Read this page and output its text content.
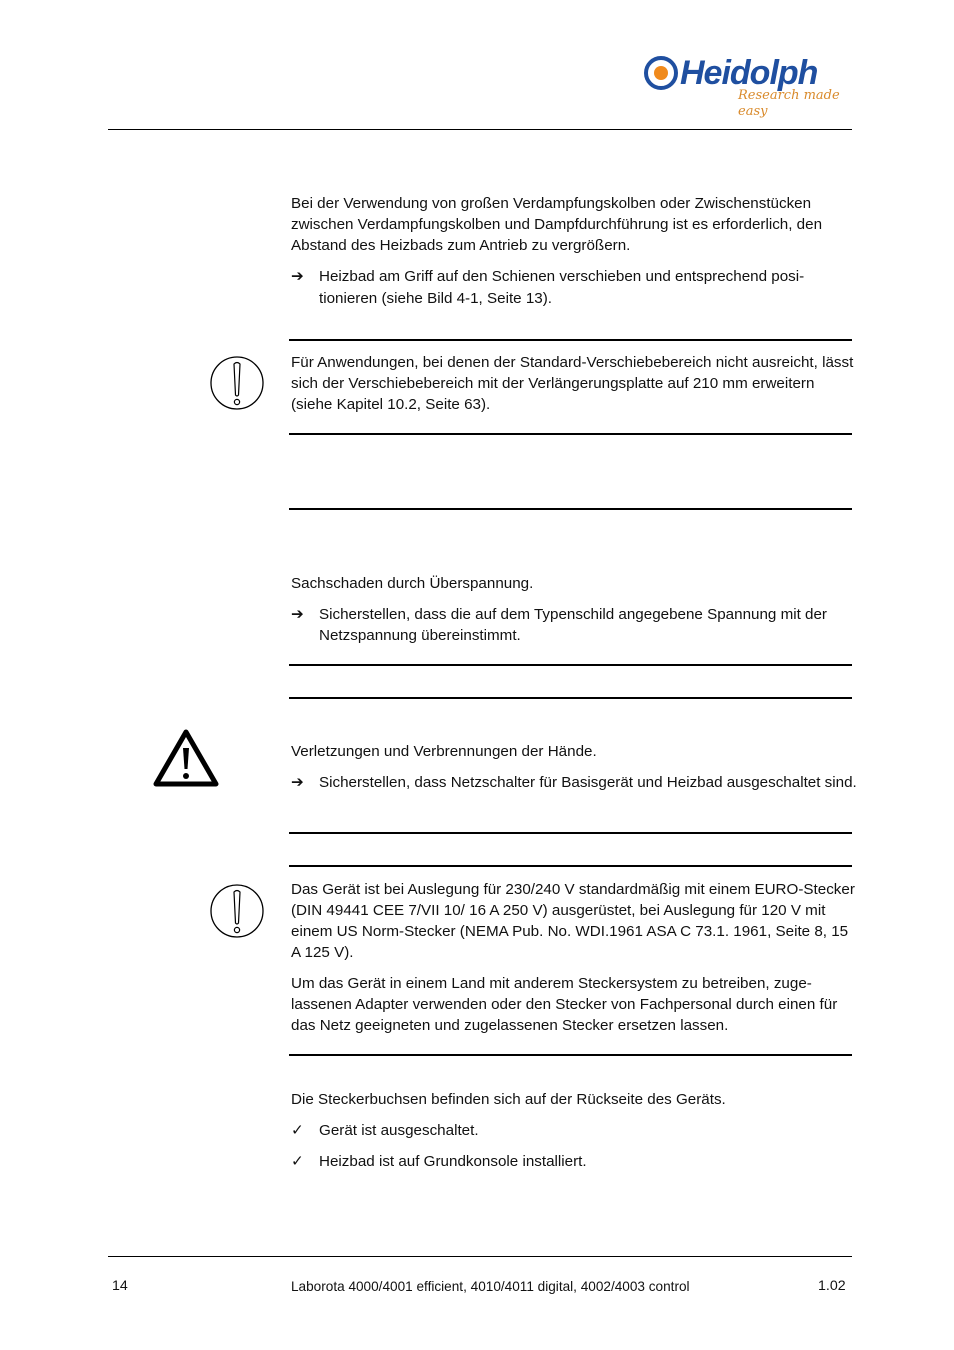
Heidolph
Research made easy

Bei der Verwendung von großen Verdampfungskolben oder Zwischenstücken zwischen Verdampfungskolben und Dampfdurchführung ist es erforderlich, den Abstand des Heizbads zum Antrieb zu vergrößern.

➔	Heizbad am Griff auf den Schienen verschieben und entsprechend posi-
tionieren (siehe Bild 4-1, Seite 13).

Für Anwendungen, bei denen der Standard-Verschiebebereich nicht ausreicht, lässt sich der Verschiebebereich mit der Verlängerungsplatte auf 210 mm erweitern (siehe Kapitel 10.2, Seite 63).

Sachschaden durch Überspannung.

➔	Sicherstellen, dass die auf dem Typenschild angegebene Spannung mit der Netzspannung übereinstimmt.

Verletzungen und Verbrennungen der Hände.

➔	Sicherstellen, dass Netzschalter für Basisgerät und Heizbad ausgeschaltet sind.

Das Gerät ist bei Auslegung für 230/240 V standardmäßig mit einem EURO-Stecker (DIN 49441 CEE 7/VII 10/ 16 A 250 V) ausgerüstet, bei Auslegung für 120 V mit einem US Norm-Stecker (NEMA Pub. No. WDI.1961 ASA C 73.1. 1961, Seite 8, 15 A 125 V).

Um das Gerät in einem Land mit anderem Steckersystem zu betreiben, zuge-lassenen Adapter verwenden oder den Stecker von Fachpersonal durch einen für das Netz geeigneten und zugelassenen Stecker ersetzen lassen.

Die Steckerbuchsen befinden sich auf der Rückseite des Geräts.

✓	Gerät ist ausgeschaltet.
✓	Heizbad ist auf Grundkonsole installiert.
14	Laborota 4000/4001 efficient, 4010/4011 digital, 4002/4003 control	1.02
